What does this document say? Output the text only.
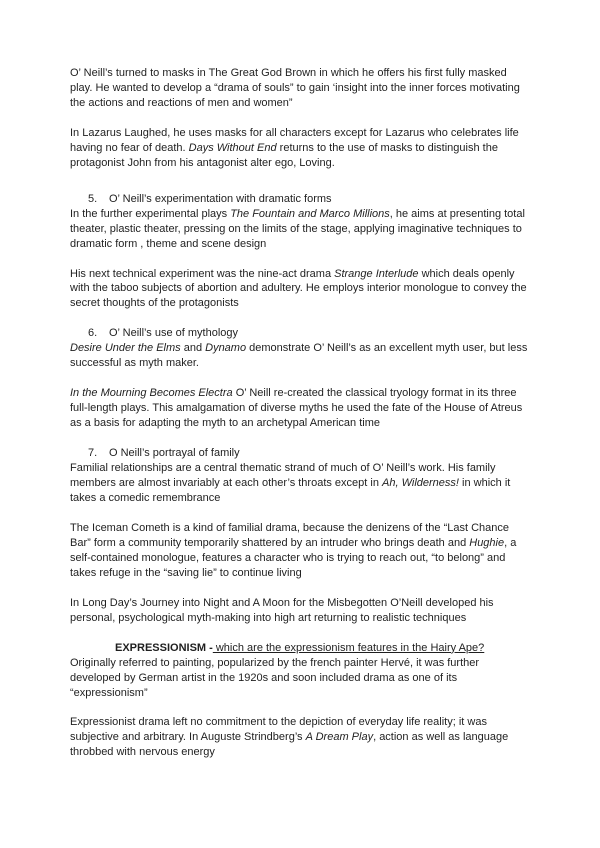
O’ Neill’s turned to masks in The Great God Brown in which he offers his first fully masked play. He wanted to develop a “drama of souls” to gain ‘insight into the inner forces motivating the actions and reactions of men and women”

In Lazarus Laughed, he uses masks for all characters except for Lazarus who celebrates life having no fear of death. Days Without End returns to the use of masks to distinguish the protagonist John from his antagonist alter ego, Loving.

5. O’ Neill’s experimentation with dramatic forms

In the further experimental plays The Fountain and Marco Millions, he aims at presenting total theater, plastic theater, pressing on the limits of the stage, applying imaginative techniques to dramatic form , theme and scene design

His next technical experiment was the nine-act drama Strange Interlude which deals openly with the taboo subjects of abortion and adultery. He employs interior monologue to convey the secret thoughts of the protagonists

6. O’ Neill’s use of mythology

Desire Under the Elms and Dynamo demonstrate O’ Neill’s as an excellent myth user, but less successful as myth maker.

In the Mourning Becomes Electra O’ Neill re-created the classical tryology format in its three full-length plays. This amalgamation of diverse myths he used the fate of the House of Atreus as a basis for adapting the myth to an archetypal American time

7. O Neill’s portrayal of family

Familial relationships are a central thematic strand of much of O’ Neill’s work. His family members are almost invariably at each other’s throats except in Ah, Wilderness! in which it takes a comedic remembrance

The Iceman Cometh is a kind of familial drama, because the denizens of the “Last Chance Bar” form a community temporarily shattered by an intruder who brings death and Hughie, a self-contained monologue, features a character who is trying to reach out, “to belong” and takes refuge in the “saving lie” to continue living

In Long Day’s Journey into Night and A Moon for the Misbegotten O’Neill developed his personal, psychological myth-making into high art returning to realistic techniques

EXPRESSIONISM - which are the expressionism features in the Hairy Ape?

Originally referred to painting, popularized by the french painter Hervé, it was further developed by German artist in the 1920s and soon included drama as one of its “expressionism”

Expressionist drama left no commitment to the depiction of everyday life reality; it was subjective and arbitrary. In Auguste Strindberg’s A Dream Play, action as well as language throbbed with nervous energy
